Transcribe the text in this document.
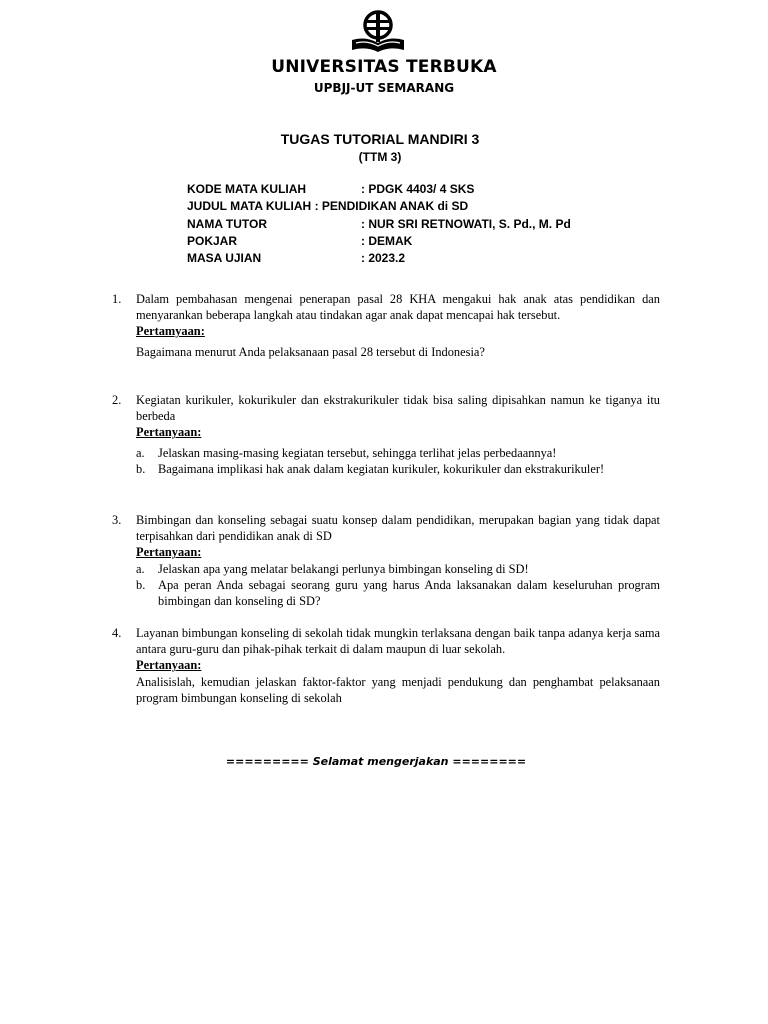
UNIVERSITAS TERBUKA
UPBJJ-UT SEMARANG
TUGAS TUTORIAL MANDIRI 3
(TTM 3)
KODE MATA KULIAH	: PDGK 4403/ 4 SKS
JUDUL MATA KULIAH : PENDIDIKAN ANAK di SD
NAMA TUTOR	: NUR SRI RETNOWATI, S. Pd., M. Pd
POKJAR	: DEMAK
MASA UJIAN	: 2023.2
1. Dalam pembahasan mengenai penerapan pasal 28 KHA mengakui hak anak atas pendidikan dan menyarankan beberapa langkah atau tindakan agar anak dapat mencapai hak tersebut.
Pertamyaan:
Bagaimana menurut Anda pelaksanaan pasal 28 tersebut di Indonesia?
2. Kegiatan kurikuler, kokurikuler dan ekstrakurikuler tidak bisa saling dipisahkan namun ke tiganya itu berbeda
Pertanyaan:
a. Jelaskan masing-masing kegiatan tersebut, sehingga terlihat jelas perbedaannya!
b. Bagaimana implikasi hak anak dalam kegiatan kurikuler, kokurikuler dan ekstrakurikuler!
3. Bimbingan dan konseling sebagai suatu konsep dalam pendidikan, merupakan bagian yang tidak dapat terpisahkan dari pendidikan anak di SD
Pertanyaan:
a. Jelaskan apa yang melatar belakangi perlunya bimbingan konseling di SD!
b. Apa peran Anda sebagai seorang guru yang harus Anda laksanakan dalam keseluruhan program bimbingan dan konseling di SD?
4. Layanan bimbungan konseling di sekolah tidak mungkin terlaksana dengan baik tanpa adanya kerja sama antara guru-guru dan pihak-pihak terkait di dalam maupun di luar sekolah.
Pertanyaan:
Analisislah, kemudian jelaskan faktor-faktor yang menjadi pendukung dan penghambat pelaksanaan program bimbungan konseling di sekolah
========= Selamat mengerjakan ========
